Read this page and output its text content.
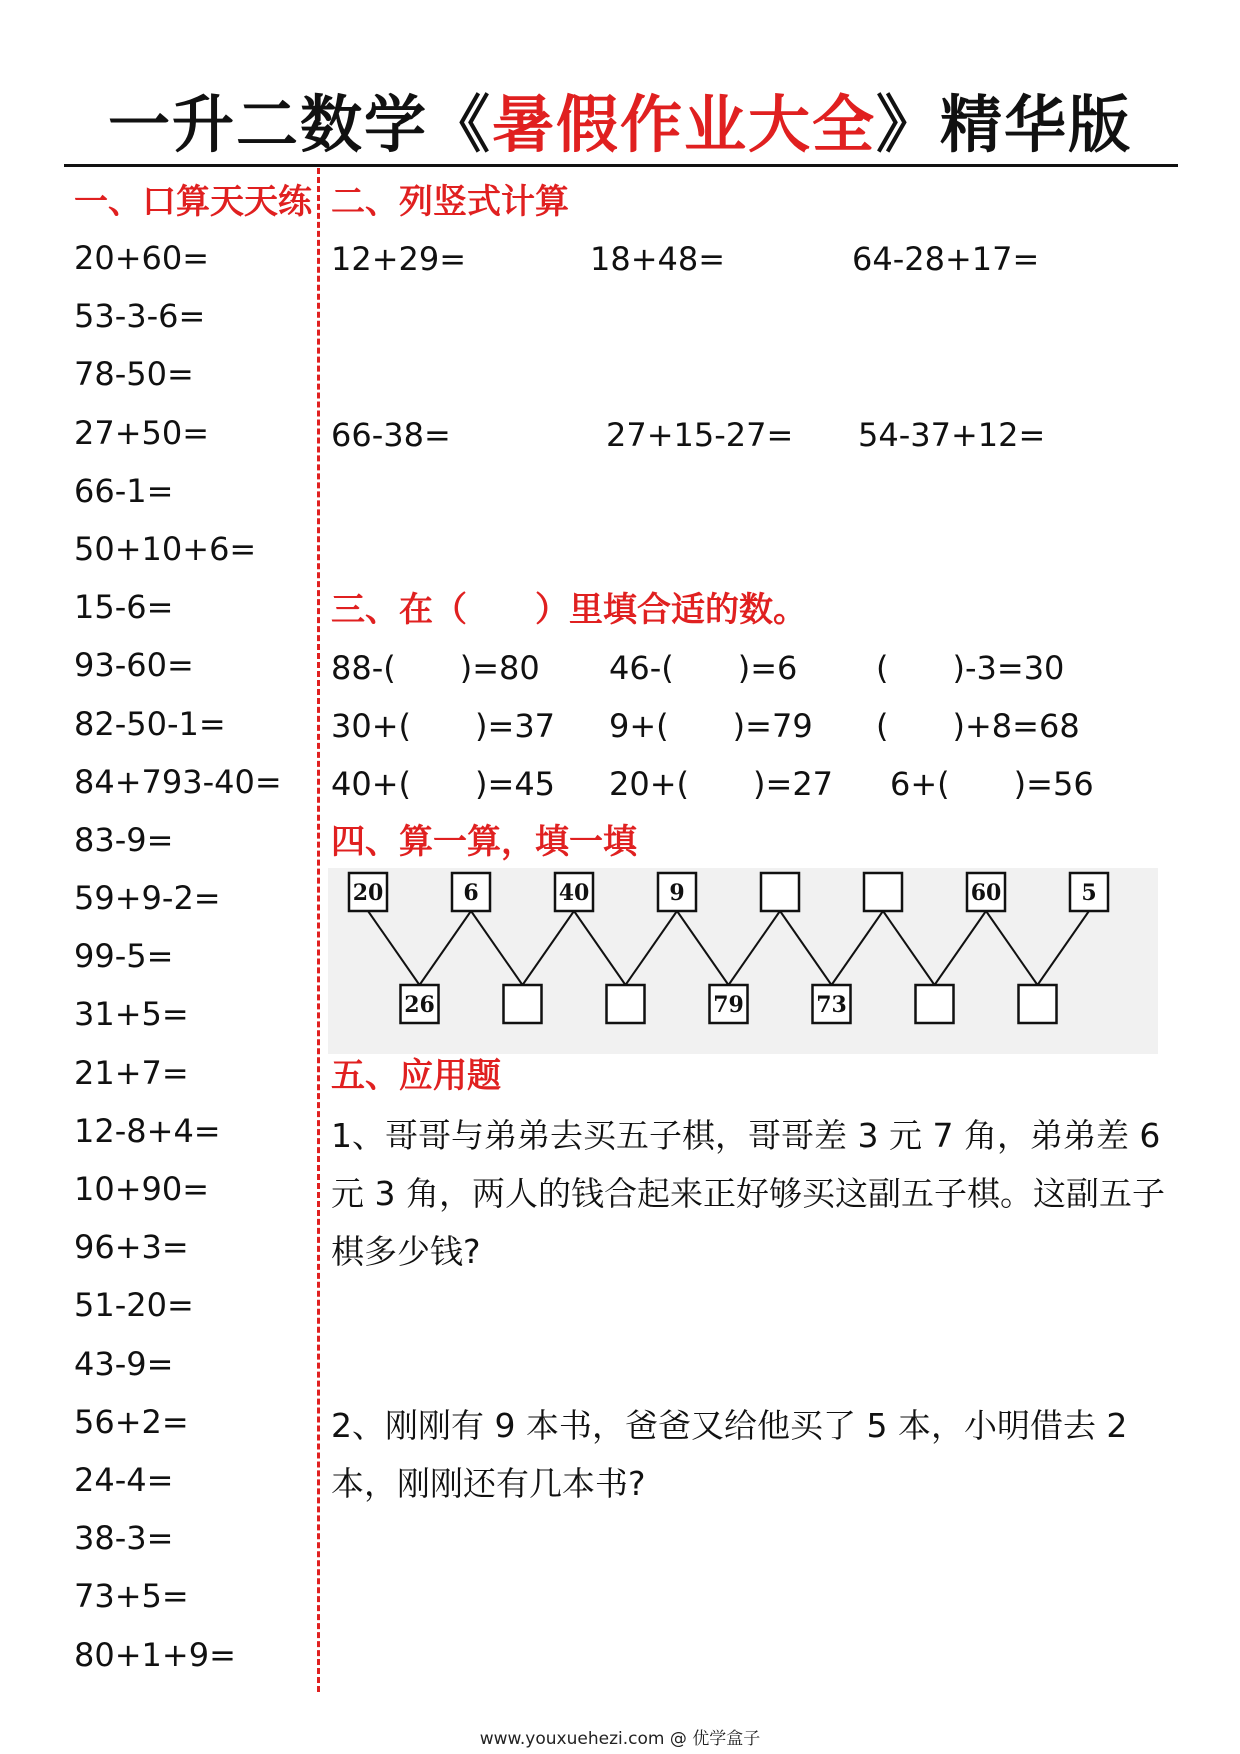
一升二数学《暑假作业大全》精华版
一、口算天天练
20+60=
53-3-6=
78-50=
27+50=
66-1=
50+10+6=
15-6=
93-60=
82-50-1=
84+793-40=
83-9=
59+9-2=
99-5=
31+5=
21+7=
12-8+4=
10+90=
96+3=
51-20=
43-9=
56+2=
24-4=
38-3=
73+5=
80+1+9=
二、列竖式计算
12+29=	18+48=	64-28+17=
66-38=	27+15-27= 54-37+12=
三、在（　　）里填合适的数。
88-(　　)=80 46-(　　)=6 (　　)-3=30
30+(　　)=37 9+(　　)=79 (　　)+8=68
40+(　　)=45 20+(　　)=27 6+(　　)=56
四、算一算，填一填
20	6	40	9	60	5
26	79	73
五、应用题
1、哥哥与弟弟去买五子棋，哥哥差 3 元 7 角，弟弟差 6 元 3 角，两人的钱合起来正好够买这副五子棋。这副五子棋多少钱?
2、刚刚有 9 本书，爸爸又给他买了 5 本，小明借去 2 本，刚刚还有几本书?
www.youxuehezi.com @ 优学盒子
